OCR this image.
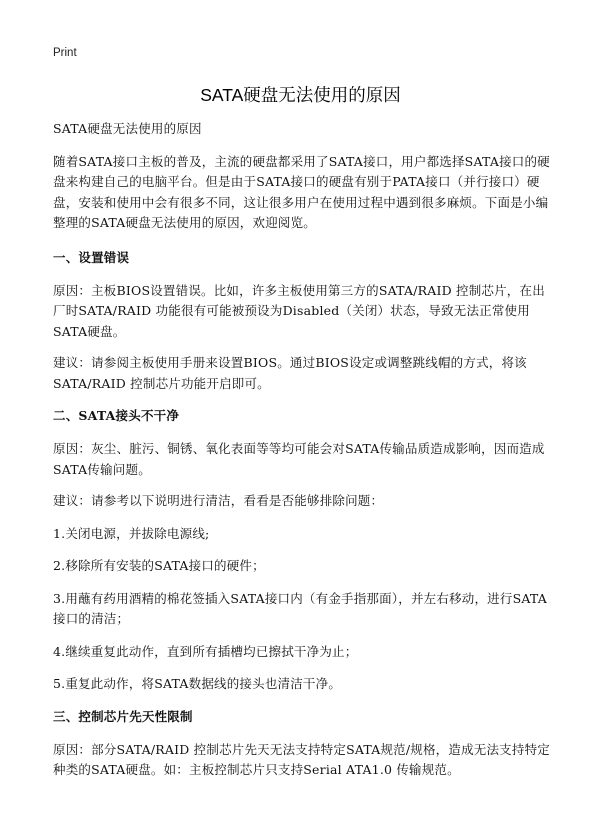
Print
SATA硬盘无法使用的原因

SATA硬盘无法使用的原因

随着SATA接口主板的普及，主流的硬盘都采用了SATA接口，用户都选择SATA接口的硬盘来构建自己的电脑平台。但是由于SATA接口的硬盘有别于PATA接口（并行接口）硬盘，安装和使用中会有很多不同，这让很多用户在使用过程中遇到很多麻烦。下面是小编整理的SATA硬盘无法使用的原因，欢迎阅览。

一、设置错误

原因：主板BIOS设置错误。比如，许多主板使用第三方的SATA/RAID 控制芯片，在出厂时SATA/RAID 功能很有可能被预设为Disabled（关闭）状态，导致无法正常使用SATA硬盘。

建议：请参阅主板使用手册来设置BIOS。通过BIOS设定或调整跳线帽的方式，将该SATA/RAID 控制芯片功能开启即可。

二、SATA接头不干净

原因：灰尘、脏污、铜锈、氧化表面等等均可能会对SATA传输品质造成影响，因而造成SATA传输问题。

建议：请参考以下说明进行清洁，看看是否能够排除问题：

1.关闭电源，并拔除电源线;

2.移除所有安装的SATA接口的硬件；

3.用蘸有药用酒精的棉花签插入SATA接口内（有金手指那面），并左右移动，进行SATA接口的清洁；

4.继续重复此动作，直到所有插槽均已擦拭干净为止；

5.重复此动作，将SATA数据线的接头也清洁干净。

三、控制芯片先天性限制

原因：部分SATA/RAID 控制芯片先天无法支持特定SATA规范/规格，造成无法支持特定种类的SATA硬盘。如：主板控制芯片只支持Serial ATA1.0 传输规范。
